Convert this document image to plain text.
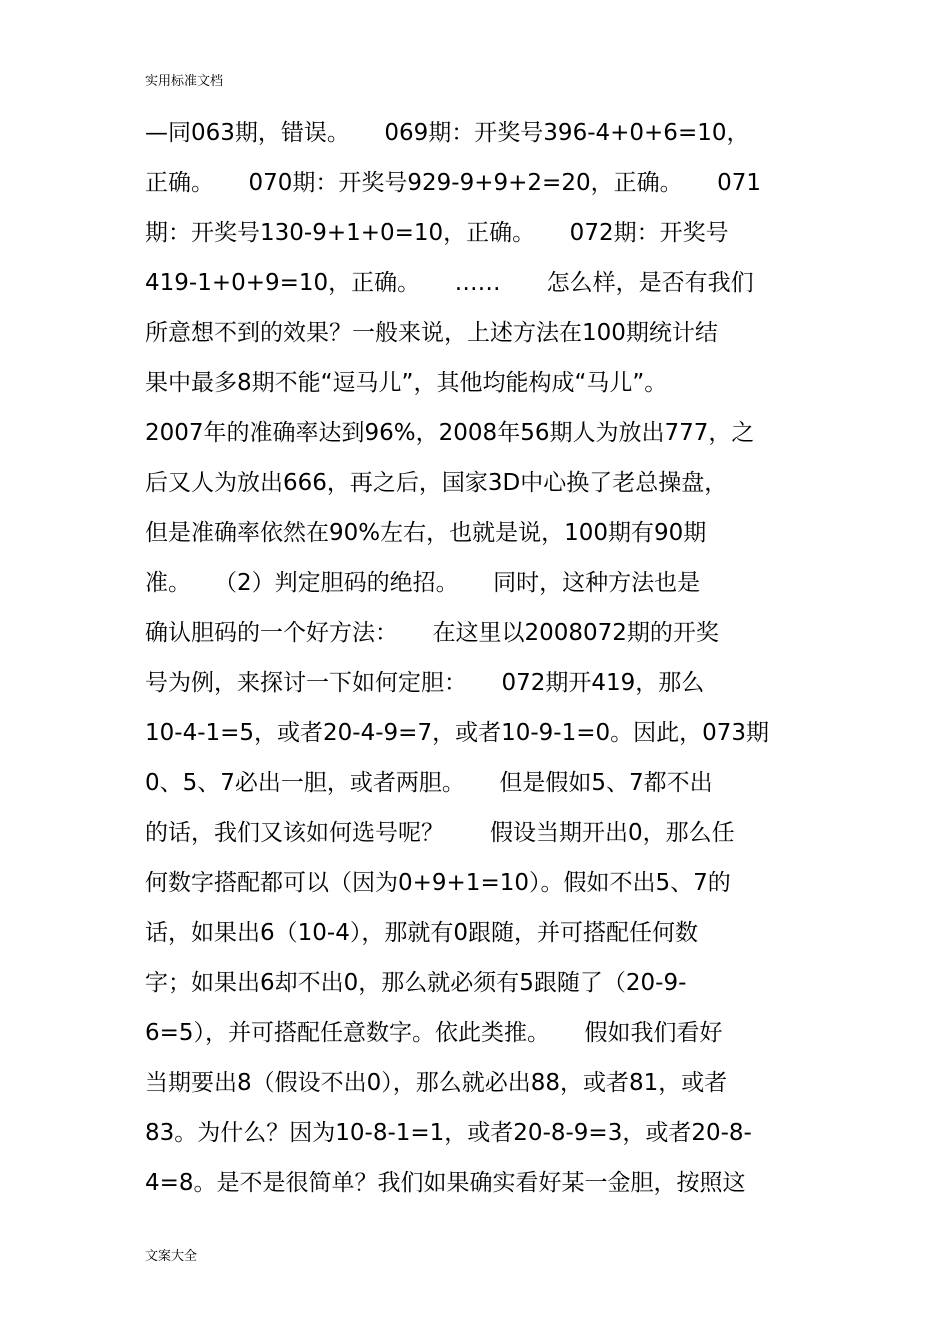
实用标准文档
—同063期，错误。　　069期：开奖号396-4+0+6=10，
正确。　　070期：开奖号929-9+9+2=20，正确。　　071
期：开奖号130-9+1+0=10，正确。　　072期：开奖号
419-1+0+9=10，正确。　　……　　怎么样，是否有我们
所意想不到的效果？一般来说，上述方法在100期统计结
果中最多8期不能“逗马儿”，其他均能构成“马儿”。
2007年的准确率达到96%，2008年56期人为放出777，之
后又人为放出666，再之后，国家3D中心换了老总操盘，
但是准确率依然在90%左右，也就是说，100期有90期
准。　　（2）判定胆码的绝招。　　同时，这种方法也是
确认胆码的一个好方法：　　在这里以2008072期的开奖
号为例，来探讨一下如何定胆：　　072期开419，那么
10-4-1=5，或者20-4-9=7，或者10-9-1=0。因此，073期
0、5、7必出一胆，或者两胆。　　但是假如5、7都不出
的话，我们又该如何选号呢？　　假设当期开出0，那么任
何数字搭配都可以（因为0+9+1=10）。假如不出5、7的
话，如果出6（10-4），那就有0跟随，并可搭配任何数
字；如果出6却不出0，那么就必须有5跟随了（20-9-
6=5），并可搭配任意数字。依此类推。　　假如我们看好
当期要出8（假设不出0），那么就必出88，或者81，或者
83。为什么？因为10-8-1=1，或者20-8-9=3，或者20-8-
4=8。是不是很简单？我们如果确实看好某一金胆，按照这
文案大全
